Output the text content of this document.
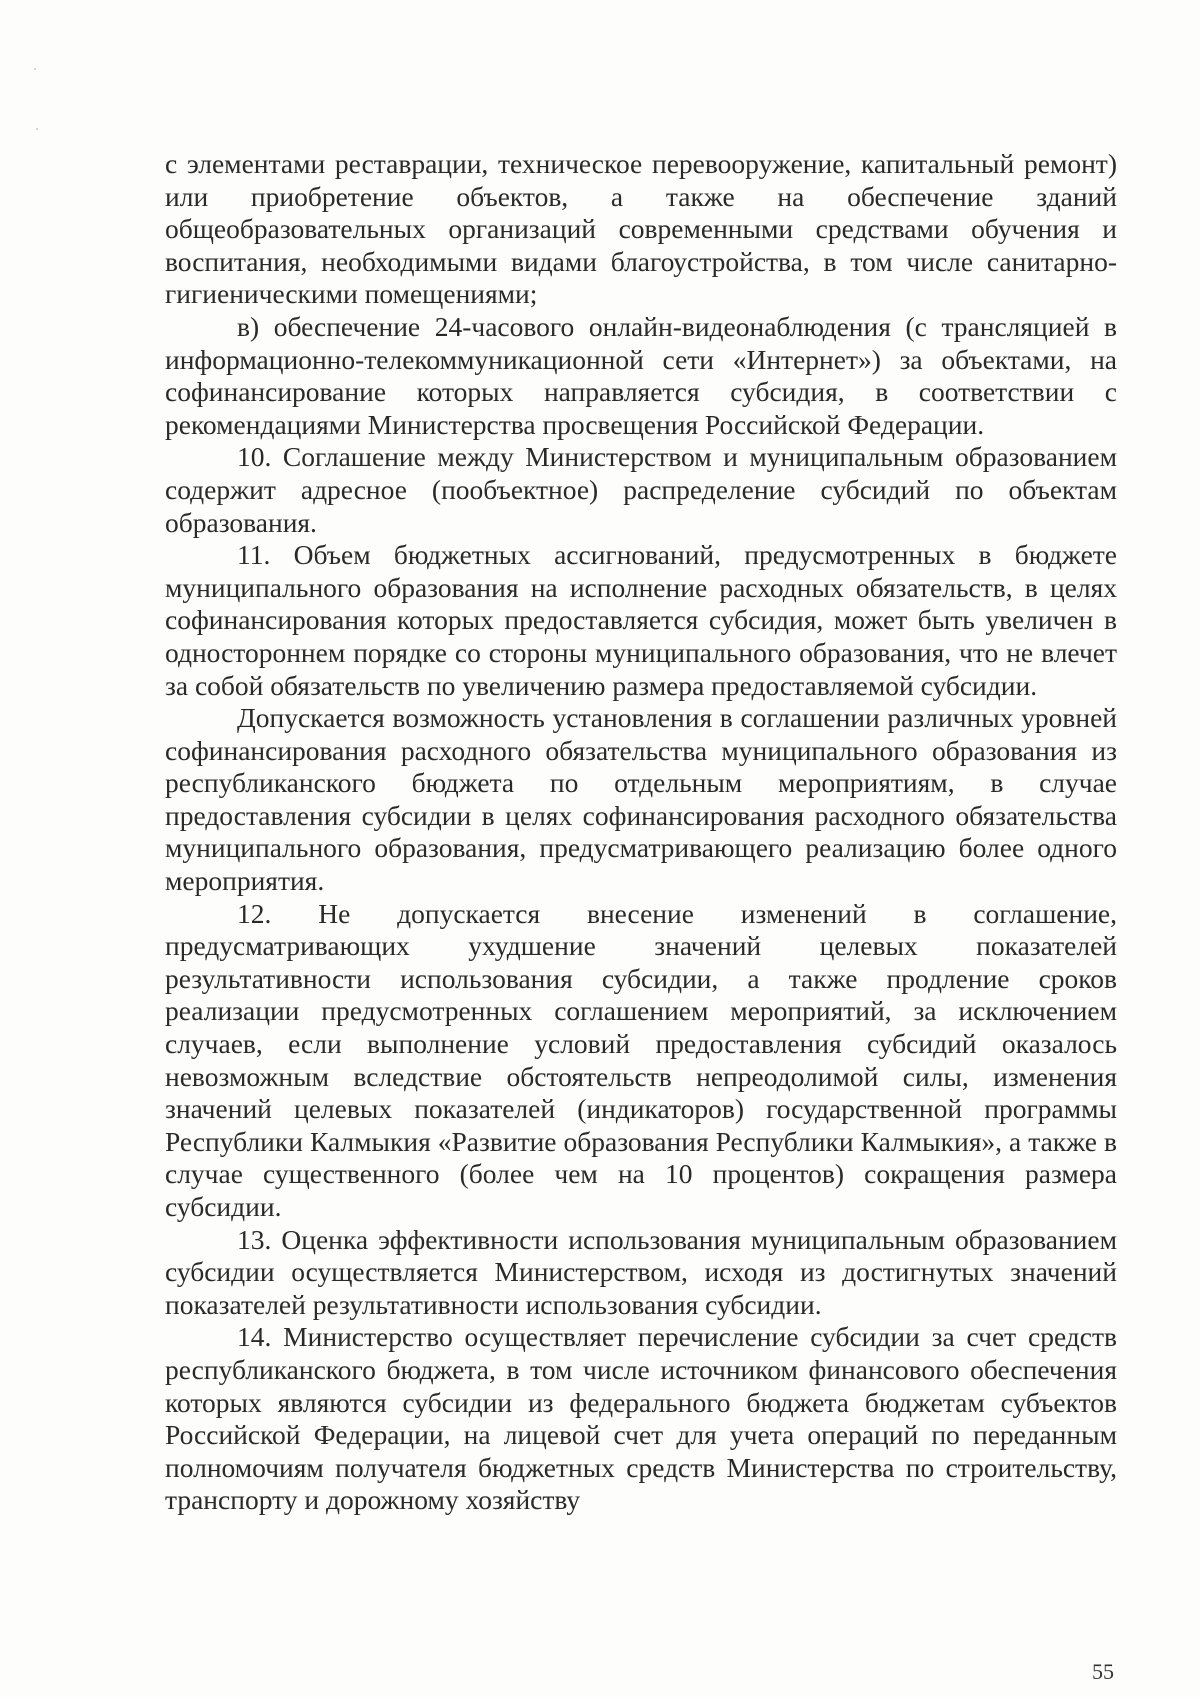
с элементами реставрации, техническое перевооружение, капитальный ремонт) или приобретение объектов, а также на обеспечение зданий общеобразовательных организаций современными средствами обучения и воспитания, необходимыми видами благоустройства, в том числе санитарно-гигиеническими помещениями;

в) обеспечение 24-часового онлайн-видеонаблюдения (с трансляцией в информационно-телекоммуникационной сети «Интернет») за объектами, на софинансирование которых направляется субсидия, в соответствии с рекомендациями Министерства просвещения Российской Федерации.

10. Соглашение между Министерством и муниципальным образованием содержит адресное (пообъектное) распределение субсидий по объектам образования.

11. Объем бюджетных ассигнований, предусмотренных в бюджете муниципального образования на исполнение расходных обязательств, в целях софинансирования которых предоставляется субсидия, может быть увеличен в одностороннем порядке со стороны муниципального образования, что не влечет за собой обязательств по увеличению размера предоставляемой субсидии.

Допускается возможность установления в соглашении различных уровней софинансирования расходного обязательства муниципального образования из республиканского бюджета по отдельным мероприятиям, в случае предоставления субсидии в целях софинансирования расходного обязательства муниципального образования, предусматривающего реализацию более одного мероприятия.

12. Не допускается внесение изменений в соглашение, предусматривающих ухудшение значений целевых показателей результативности использования субсидии, а также продление сроков реализации предусмотренных соглашением мероприятий, за исключением случаев, если выполнение условий предоставления субсидий оказалось невозможным вследствие обстоятельств непреодолимой силы, изменения значений целевых показателей (индикаторов) государственной программы Республики Калмыкия «Развитие образования Республики Калмыкия», а также в случае существенного (более чем на 10 процентов) сокращения размера субсидии.

13. Оценка эффективности использования муниципальным образованием субсидии осуществляется Министерством, исходя из достигнутых значений показателей результативности использования субсидии.

14. Министерство осуществляет перечисление субсидии за счет средств республиканского бюджета, в том числе источником финансового обеспечения которых являются субсидии из федерального бюджета бюджетам субъектов Российской Федерации, на лицевой счет для учета операций по переданным полномочиям получателя бюджетных средств Министерства по строительству, транспорту и дорожному хозяйству

55
